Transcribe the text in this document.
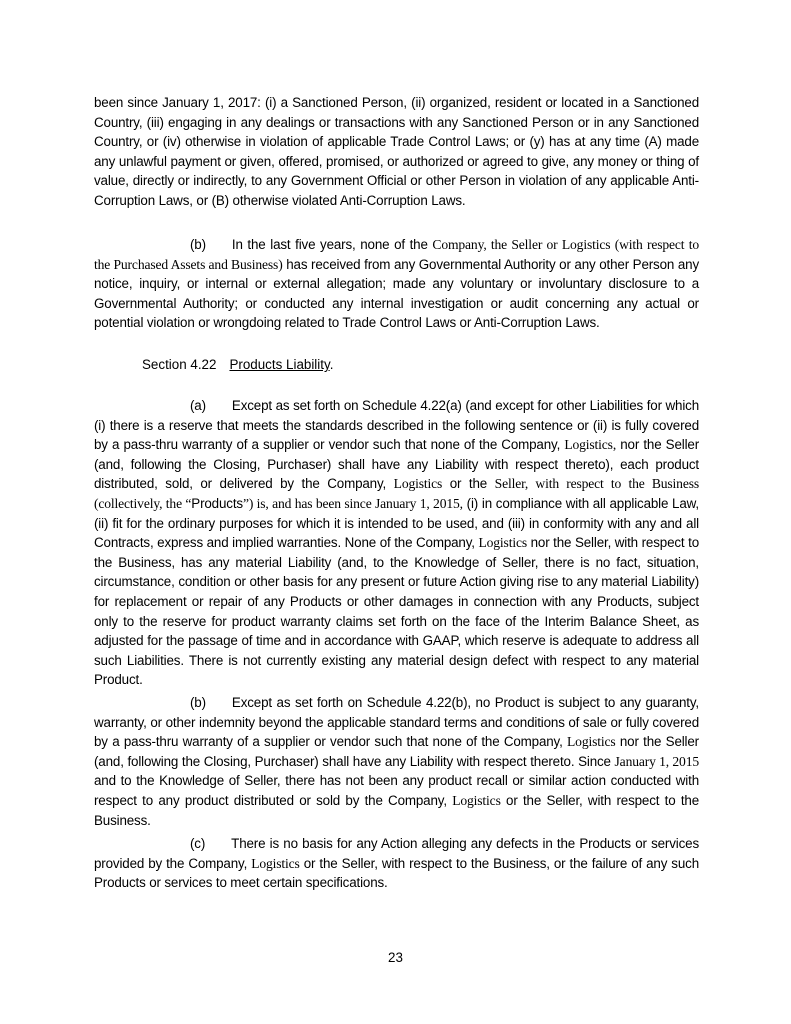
been since January 1, 2017: (i) a Sanctioned Person, (ii) organized, resident or located in a Sanctioned Country, (iii) engaging in any dealings or transactions with any Sanctioned Person or in any Sanctioned Country, or (iv) otherwise in violation of applicable Trade Control Laws; or (y) has at any time (A) made any unlawful payment or given, offered, promised, or authorized or agreed to give, any money or thing of value, directly or indirectly, to any Government Official or other Person in violation of any applicable Anti-Corruption Laws, or (B) otherwise violated Anti-Corruption Laws.

(b) In the last five years, none of the Company, the Seller or Logistics (with respect to the Purchased Assets and Business) has received from any Governmental Authority or any other Person any notice, inquiry, or internal or external allegation; made any voluntary or involuntary disclosure to a Governmental Authority; or conducted any internal investigation or audit concerning any actual or potential violation or wrongdoing related to Trade Control Laws or Anti-Corruption Laws.

Section 4.22 Products Liability.

(a) Except as set forth on Schedule 4.22(a) (and except for other Liabilities for which (i) there is a reserve that meets the standards described in the following sentence or (ii) is fully covered by a pass-thru warranty of a supplier or vendor such that none of the Company, Logistics, nor the Seller (and, following the Closing, Purchaser) shall have any Liability with respect thereto), each product distributed, sold, or delivered by the Company, Logistics or the Seller, with respect to the Business (collectively, the “Products”) is, and has been since January 1, 2015, (i) in compliance with all applicable Law, (ii) fit for the ordinary purposes for which it is intended to be used, and (iii) in conformity with any and all Contracts, express and implied warranties. None of the Company, Logistics nor the Seller, with respect to the Business, has any material Liability (and, to the Knowledge of Seller, there is no fact, situation, circumstance, condition or other basis for any present or future Action giving rise to any material Liability) for replacement or repair of any Products or other damages in connection with any Products, subject only to the reserve for product warranty claims set forth on the face of the Interim Balance Sheet, as adjusted for the passage of time and in accordance with GAAP, which reserve is adequate to address all such Liabilities. There is not currently existing any material design defect with respect to any material Product.

(b) Except as set forth on Schedule 4.22(b), no Product is subject to any guaranty, warranty, or other indemnity beyond the applicable standard terms and conditions of sale or fully covered by a pass-thru warranty of a supplier or vendor such that none of the Company, Logistics nor the Seller (and, following the Closing, Purchaser) shall have any Liability with respect thereto. Since January 1, 2015 and to the Knowledge of Seller, there has not been any product recall or similar action conducted with respect to any product distributed or sold by the Company, Logistics or the Seller, with respect to the Business.

(c) There is no basis for any Action alleging any defects in the Products or services provided by the Company, Logistics or the Seller, with respect to the Business, or the failure of any such Products or services to meet certain specifications.

23
